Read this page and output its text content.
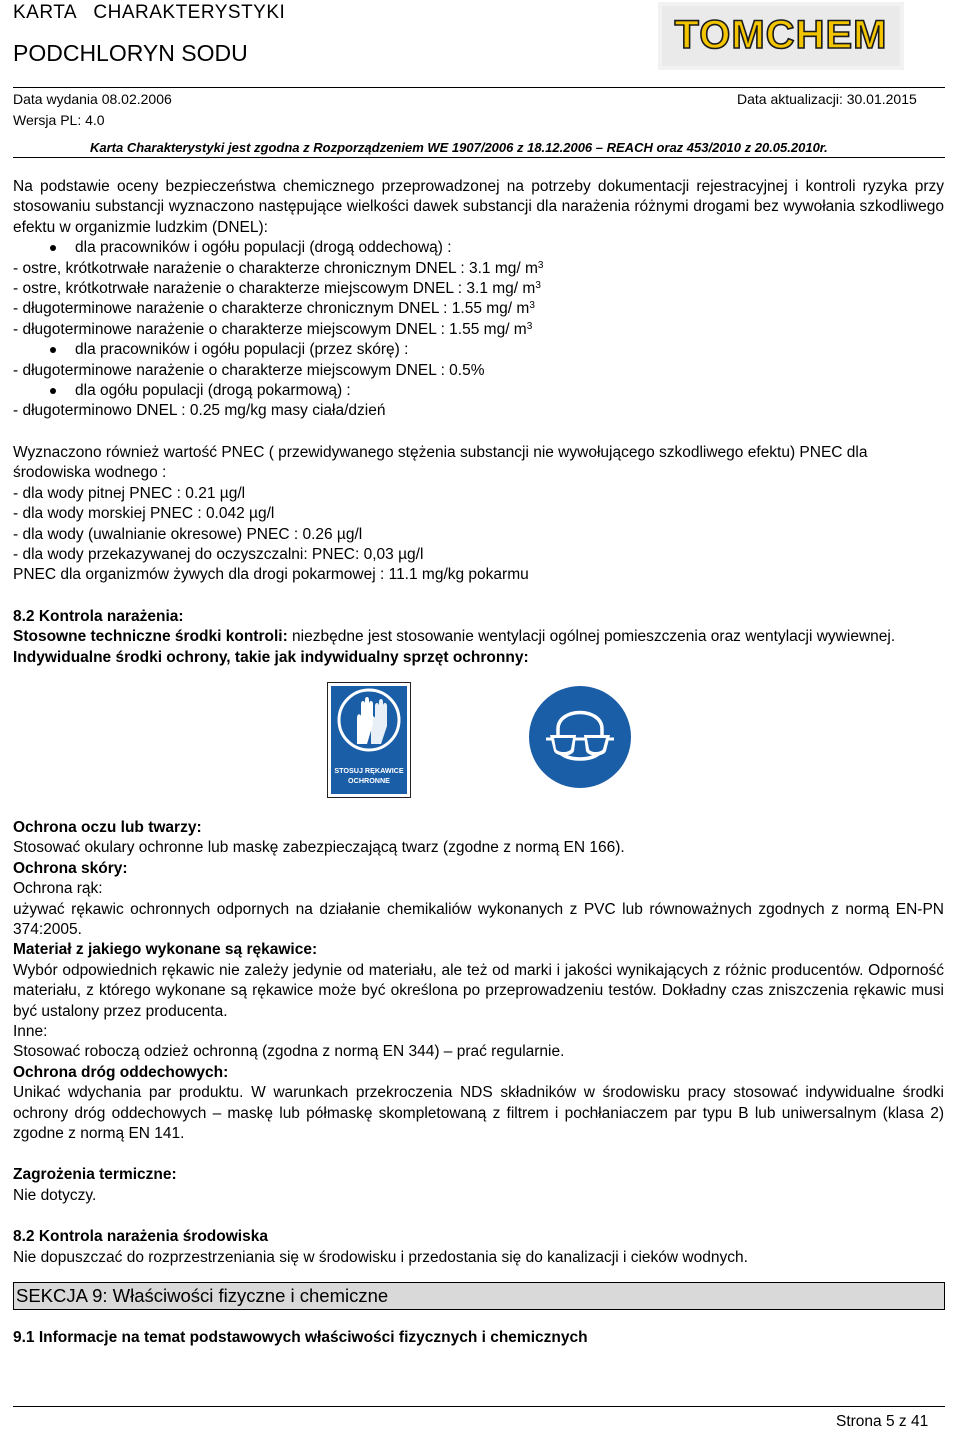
KARTA   CHARAKTERYSTYKI
PODCHLORYN SODU	TOMCHEM
Data wydania 08.02.2006	Data aktualizacji: 30.01.2015
Wersja PL: 4.0
Karta Charakterystyki jest zgodna z Rozporządzeniem WE 1907/2006 z 18.12.2006 – REACH oraz 453/2010 z 20.05.2010r.

Na podstawie oceny bezpieczeństwa chemicznego przeprowadzonej na potrzeby dokumentacji rejestracyjnej i kontroli ryzyka przy stosowaniu substancji wyznaczono następujące wielkości dawek substancji dla narażenia różnymi drogami bez wywołania szkodliwego efektu w organizmie ludzkim (DNEL):

dla pracowników i ogółu populacji (drogą oddechową) :

- ostre, krótkotrwałe narażenie o charakterze chronicznym DNEL : 3.1 mg/ $m^3$

- ostre, krótkotrwałe narażenie o charakterze miejscowym DNEL : 3.1 mg/ $m^3$

- długoterminowe narażenie o charakterze chronicznym DNEL : 1.55 mg/ $m^3$

- długoterminowe narażenie o charakterze miejscowym DNEL : 1.55 mg/ $m^3$

dla pracowników i ogółu populacji (przez skórę) :

- długoterminowe narażenie o charakterze miejscowym DNEL : 0.5%

dla ogółu populacji (drogą pokarmową) :

- długoterminowo DNEL : 0.25 mg/kg masy ciała/dzień

Wyznaczono również wartość PNEC ( przewidywanego stężenia substancji nie wywołującego szkodliwego efektu) PNEC dla środowiska wodnego :

- dla wody pitnej PNEC : 0.21 µg/l

- dla wody morskiej PNEC : 0.042 µg/l

- dla wody (uwalnianie okresowe) PNEC : 0.26 µg/l

- dla wody przekazywanej do oczyszczalni: PNEC: 0,03 µg/l

PNEC dla organizmów żywych dla drogi pokarmowej : 11.1 mg/kg pokarmu

8.2 Kontrola narażenia:

Stosowne techniczne środki kontroli: niezbędne jest stosowanie wentylacji ogólnej pomieszczenia oraz wentylacji wywiewnej.

Indywidualne środki ochrony, takie jak indywidualny sprzęt ochronny:

STOSUJ RĘKAWICE
OCHRONNE

Ochrona oczu lub twarzy:

Stosować okulary ochronne lub maskę zabezpieczającą twarz (zgodne z normą EN 166).

Ochrona skóry:

Ochrona rąk:

używać rękawic ochronnych odpornych na działanie chemikaliów wykonanych z PVC lub równoważnych zgodnych z normą EN-PN 374:2005.

Materiał z jakiego wykonane są rękawice:

Wybór odpowiednich rękawic nie zależy jedynie od materiału, ale też od marki i jakości wynikających z różnic producentów. Odporność materiału, z którego wykonane są rękawice może być określona po przeprowadzeniu testów. Dokładny czas zniszczenia rękawic musi być ustalony przez producenta.

Inne:

Stosować roboczą odzież ochronną (zgodna z normą EN 344) – prać regularnie.

Ochrona dróg oddechowych:

Unikać wdychania par produktu. W warunkach przekroczenia NDS składników w środowisku pracy stosować indywidualne środki ochrony dróg oddechowych – maskę lub półmaskę skompletowaną z filtrem i pochłaniaczem par typu B lub uniwersalnym (klasa 2) zgodne z normą EN 141.

Zagrożenia termiczne:

Nie dotyczy.

8.2 Kontrola narażenia środowiska

Nie dopuszczać do rozprzestrzeniania się w środowisku i przedostania się do kanalizacji i cieków wodnych.

SEKCJA 9: Właściwości fizyczne i chemiczne

9.1 Informacje na temat podstawowych właściwości fizycznych i chemicznych

Strona 5 z 41
